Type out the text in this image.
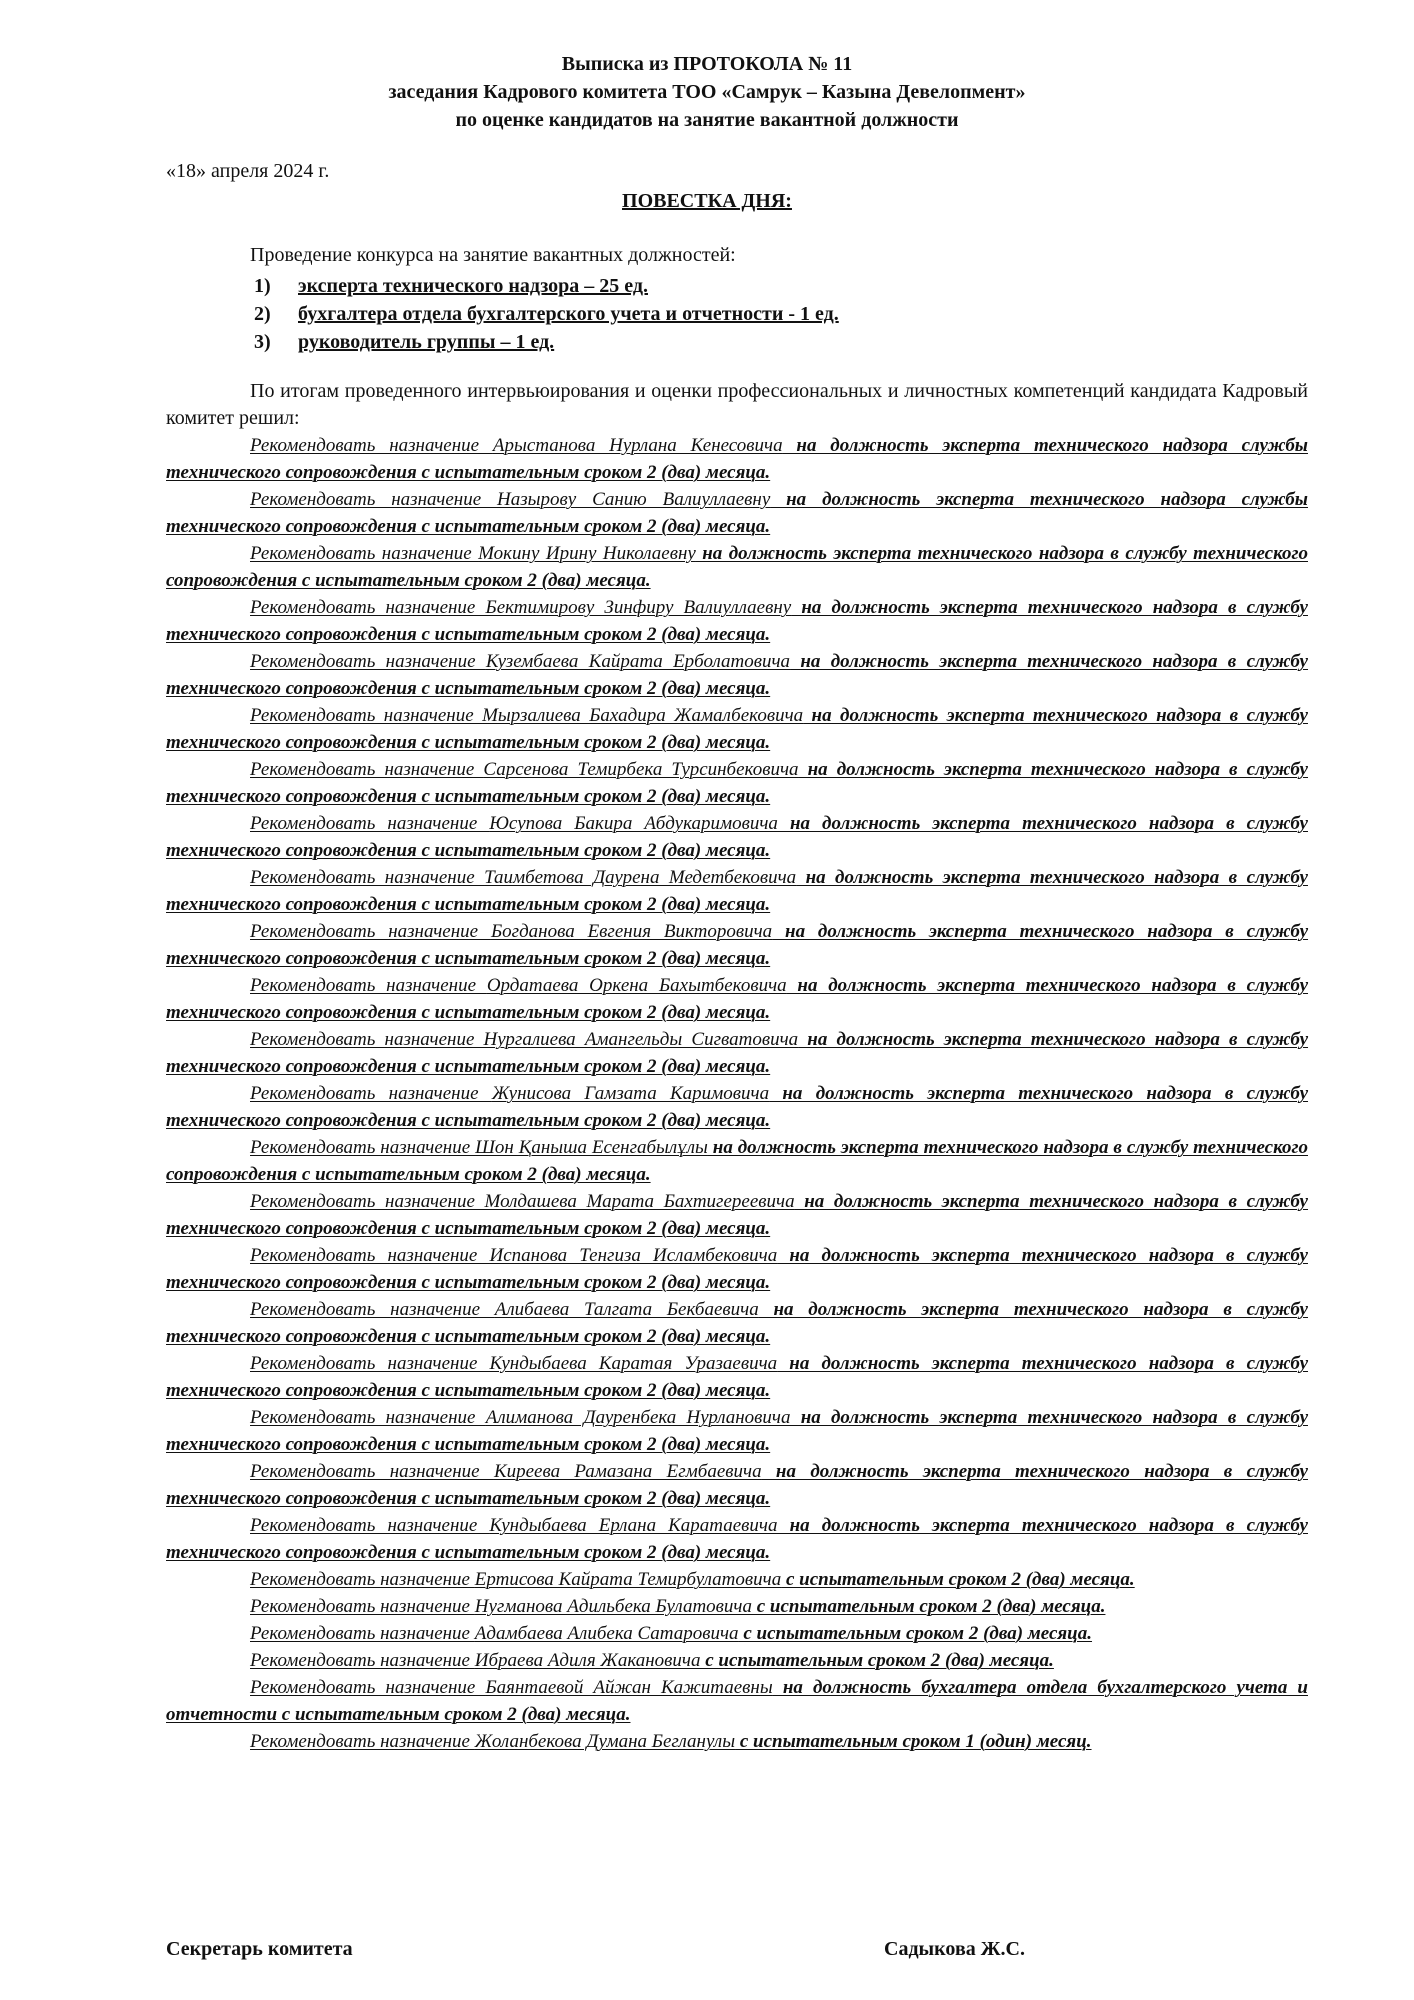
Выписка из ПРОТОКОЛА № 11
заседания Кадрового комитета ТОО «Самрук – Казына Девелопмент»
по оценке кандидатов на занятие вакантной должности
«18» апреля 2024 г.
ПОВЕСТКА ДНЯ:
Проведение конкурса на занятие вакантных должностей:
1) эксперта технического надзора – 25 ед.
2) бухгалтера отдела бухгалтерского учета и отчетности - 1 ед.
3) руководитель группы – 1 ед.

По итогам проведенного интервьюирования и оценки профессиональных и личностных компетенций кандидата Кадровый комитет решил:

Рекомендовать назначение Арыстанова Нурлана Кенесовича на должность эксперта технического надзора службы технического сопровождения с испытательным сроком 2 (два) месяца.

Рекомендовать назначение Назырову Санию Валиуллаевну на должность эксперта технического надзора службы технического сопровождения с испытательным сроком 2 (два) месяца.

Рекомендовать назначение Мокину Ирину Николаевну на должность эксперта технического надзора в службу технического сопровождения с испытательным сроком 2 (два) месяца.

Рекомендовать назначение Бектимирову Зинфиру Валиуллаевну на должность эксперта технического надзора в службу технического сопровождения с испытательным сроком 2 (два) месяца.

Рекомендовать назначение Кузембаева Кайрата Ерболатовича на должность эксперта технического надзора в службу технического сопровождения с испытательным сроком 2 (два) месяца.

Рекомендовать назначение Мырзалиева Бахадира Жамалбековича на должность эксперта технического надзора в службу технического сопровождения с испытательным сроком 2 (два) месяца.

Рекомендовать назначение Сарсенова Темирбека Турсинбековича на должность эксперта технического надзора в службу технического сопровождения с испытательным сроком 2 (два) месяца.

Рекомендовать назначение Юсупова Бакира Абдукаримовича на должность эксперта технического надзора в службу технического сопровождения с испытательным сроком 2 (два) месяца.

Рекомендовать назначение Таимбетова Даурена Медетбековича на должность эксперта технического надзора в службу технического сопровождения с испытательным сроком 2 (два) месяца.

Рекомендовать назначение Богданова Евгения Викторовича на должность эксперта технического надзора в службу технического сопровождения с испытательным сроком 2 (два) месяца.

Рекомендовать назначение Ордатаева Оркена Бахытбековича на должность эксперта технического надзора в службу технического сопровождения с испытательным сроком 2 (два) месяца.

Рекомендовать назначение Нургалиева Амангельды Сигватовича на должность эксперта технического надзора в службу технического сопровождения с испытательным сроком 2 (два) месяца.

Рекомендовать назначение Жунисова Гамзата Каримовича на должность эксперта технического надзора в службу технического сопровождения с испытательным сроком 2 (два) месяца.

Рекомендовать назначение Шон Қаныша Есенгабылұлы на должность эксперта технического надзора в службу технического сопровождения с испытательным сроком 2 (два) месяца.

Рекомендовать назначение Молдашева Марата Бахтигереевича на должность эксперта технического надзора в службу технического сопровождения с испытательным сроком 2 (два) месяца.

Рекомендовать назначение Испанова Тенгиза Исламбековича на должность эксперта технического надзора в службу технического сопровождения с испытательным сроком 2 (два) месяца.

Рекомендовать назначение Алибаева Талгата Бекбаевича на должность эксперта технического надзора в службу технического сопровождения с испытательным сроком 2 (два) месяца.

Рекомендовать назначение Кундыбаева Каратая Уразаевича на должность эксперта технического надзора в службу технического сопровождения с испытательным сроком 2 (два) месяца.

Рекомендовать назначение Алиманова Дауренбека Нурлановича на должность эксперта технического надзора в службу технического сопровождения с испытательным сроком 2 (два) месяца.

Рекомендовать назначение Киреева Рамазана Егмбаевича на должность эксперта технического надзора в службу технического сопровождения с испытательным сроком 2 (два) месяца.

Рекомендовать назначение Кундыбаева Ерлана Каратаевича на должность эксперта технического надзора в службу технического сопровождения с испытательным сроком 2 (два) месяца.

Рекомендовать назначение Ертисова Кайрата Темирбулатовича с испытательным сроком 2 (два) месяца.

Рекомендовать назначение Нугманова Адильбека Булатовича с испытательным сроком 2 (два) месяца.

Рекомендовать назначение Адамбаева Алибека Сатаровича с испытательным сроком 2 (два) месяца.

Рекомендовать назначение Ибраева Адиля Жакановича с испытательным сроком 2 (два) месяца.

Рекомендовать назначение Баянтаевой Айжан Кажитаевны на должность бухгалтера отдела бухгалтерского учета и отчетности с испытательным сроком 2 (два) месяца.

Рекомендовать назначение Жоланбекова Думана Бегланулы с испытательным сроком 1 (один) месяц.

Секретарь комитета	Садыкова Ж.С.
